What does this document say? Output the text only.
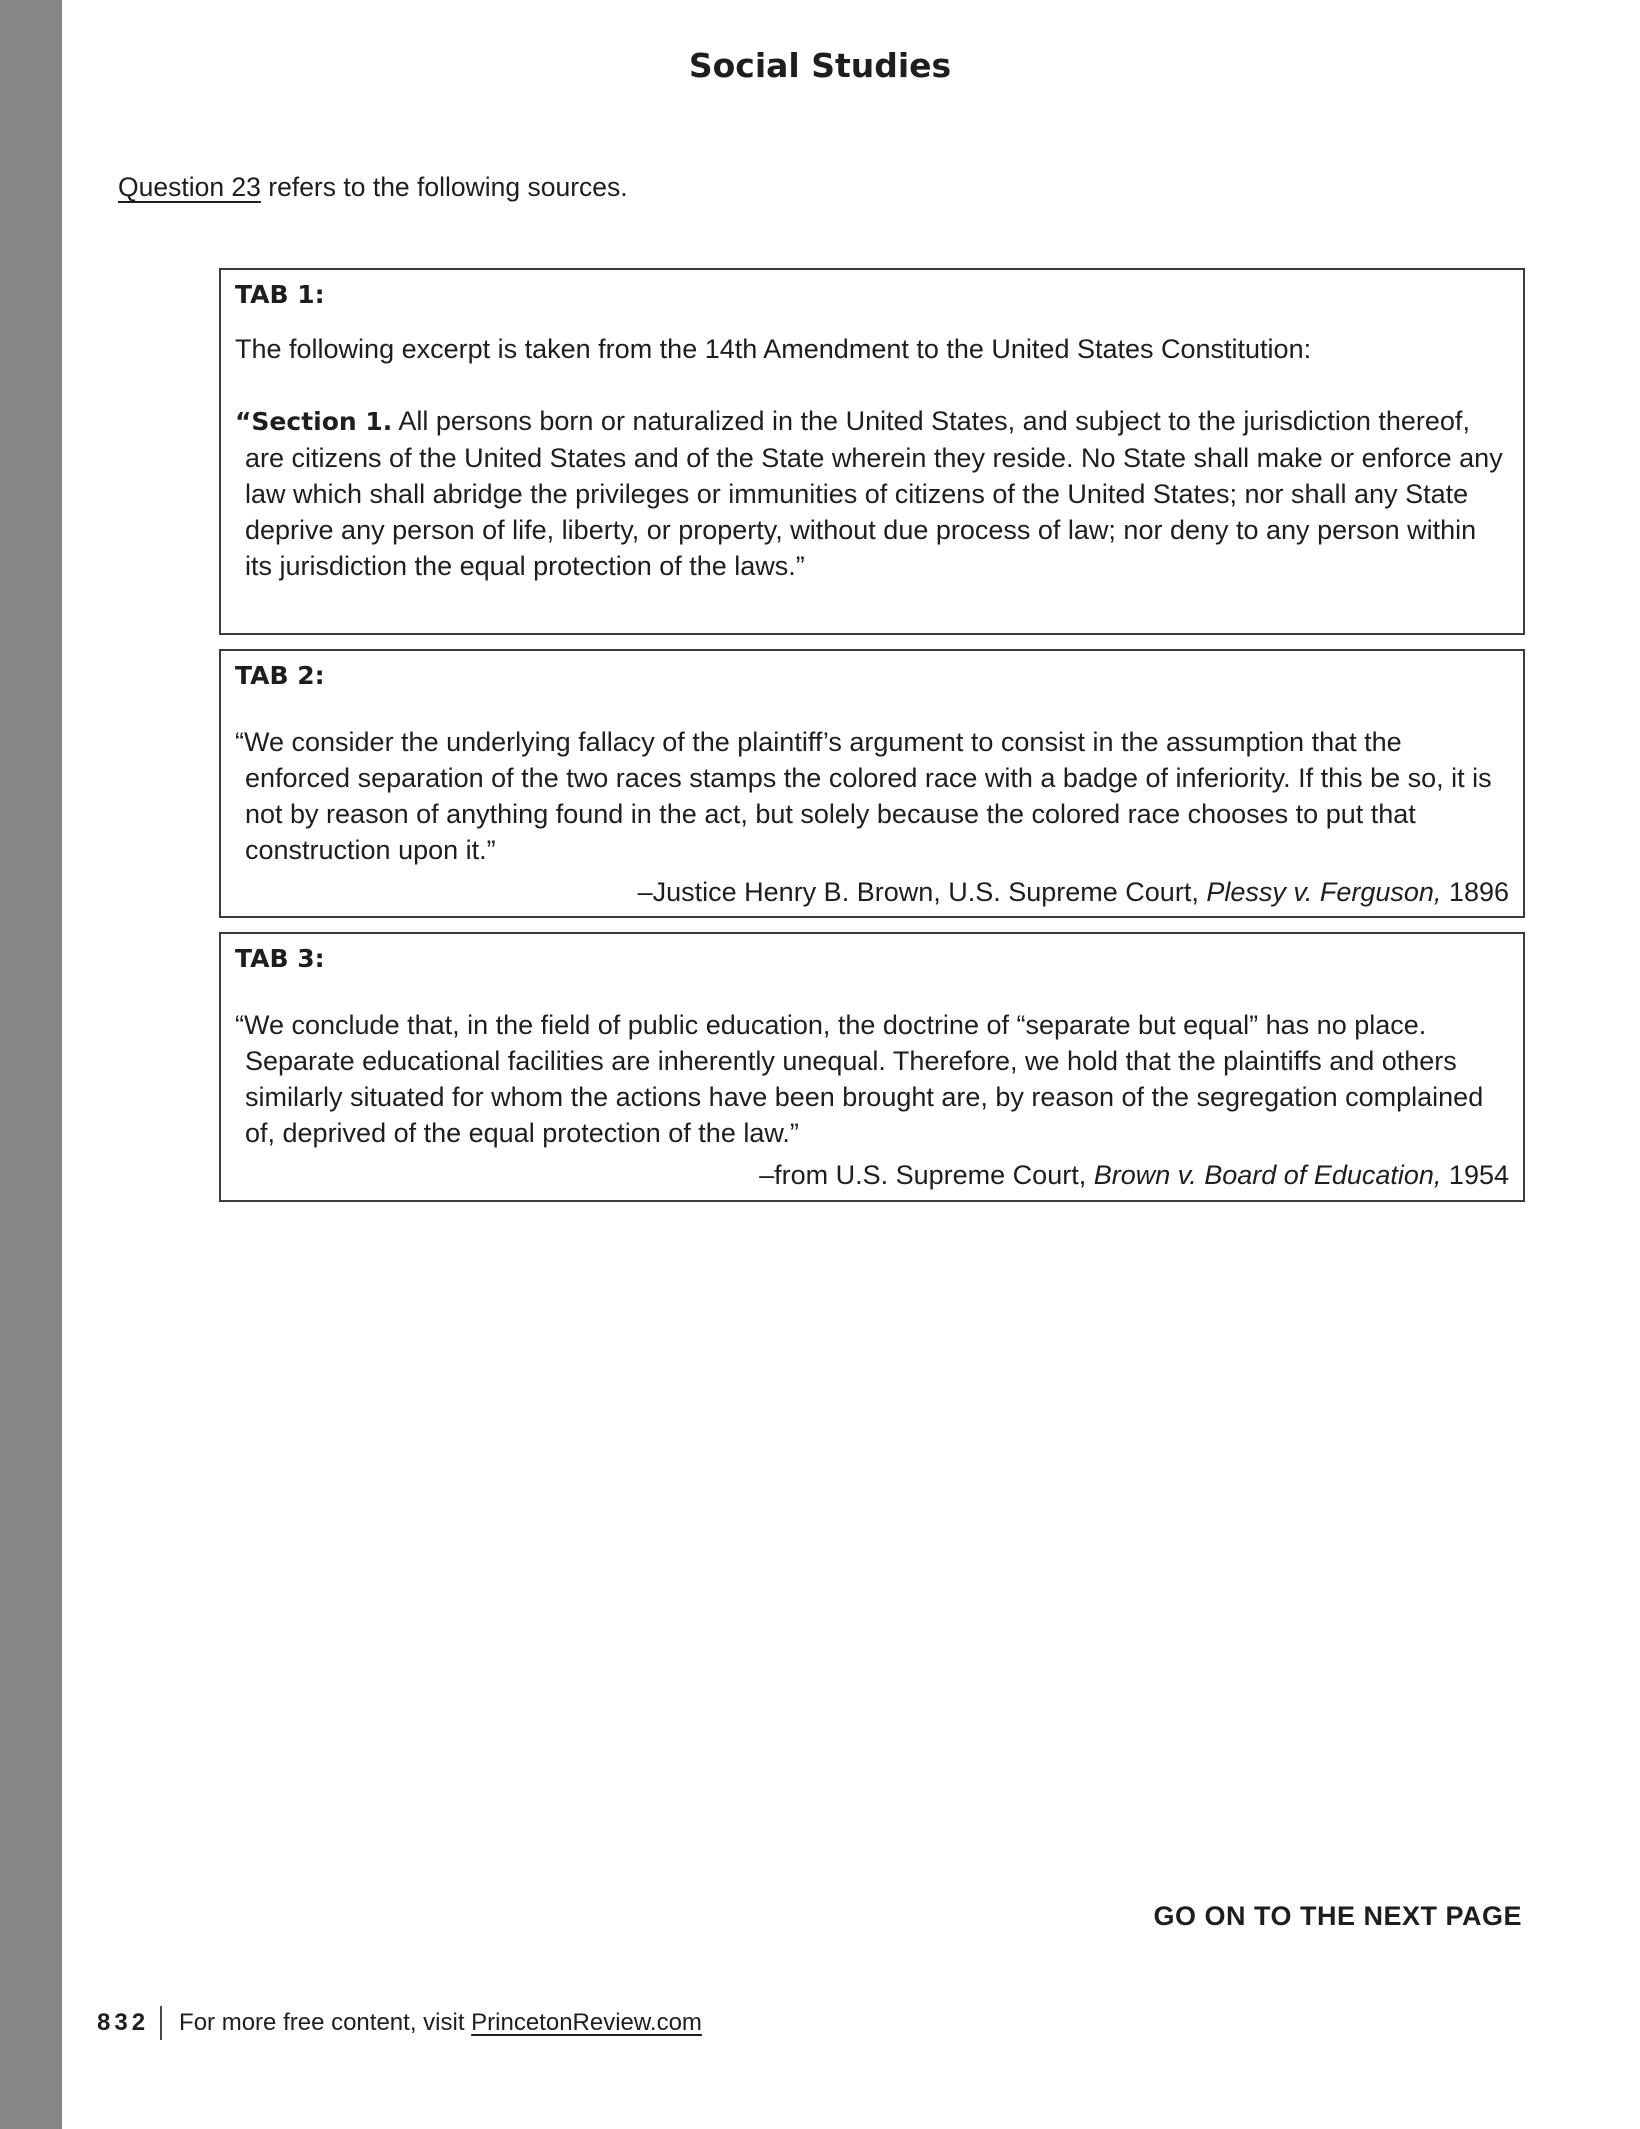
Social Studies
Question 23 refers to the following sources.
TAB 1:
The following excerpt is taken from the 14th Amendment to the United States Constitution:
“Section 1. All persons born or naturalized in the United States, and subject to the jurisdiction thereof, are citizens of the United States and of the State wherein they reside. No State shall make or enforce any law which shall abridge the privileges or immunities of citizens of the United States; nor shall any State deprive any person of life, liberty, or property, without due process of law; nor deny to any person within its jurisdiction the equal protection of the laws.”
TAB 2:
“We consider the underlying fallacy of the plaintiff’s argument to consist in the assumption that the enforced separation of the two races stamps the colored race with a badge of inferiority. If this be so, it is not by reason of anything found in the act, but solely because the colored race chooses to put that construction upon it.”
–Justice Henry B. Brown, U.S. Supreme Court, Plessy v. Ferguson, 1896
TAB 3:
“We conclude that, in the field of public education, the doctrine of “separate but equal” has no place. Separate educational facilities are inherently unequal. Therefore, we hold that the plaintiffs and others similarly situated for whom the actions have been brought are, by reason of the segregation complained of, deprived of the equal protection of the law.”
–from U.S. Supreme Court, Brown v. Board of Education, 1954
GO ON TO THE NEXT PAGE
832 For more free content, visit PrincetonReview.com
